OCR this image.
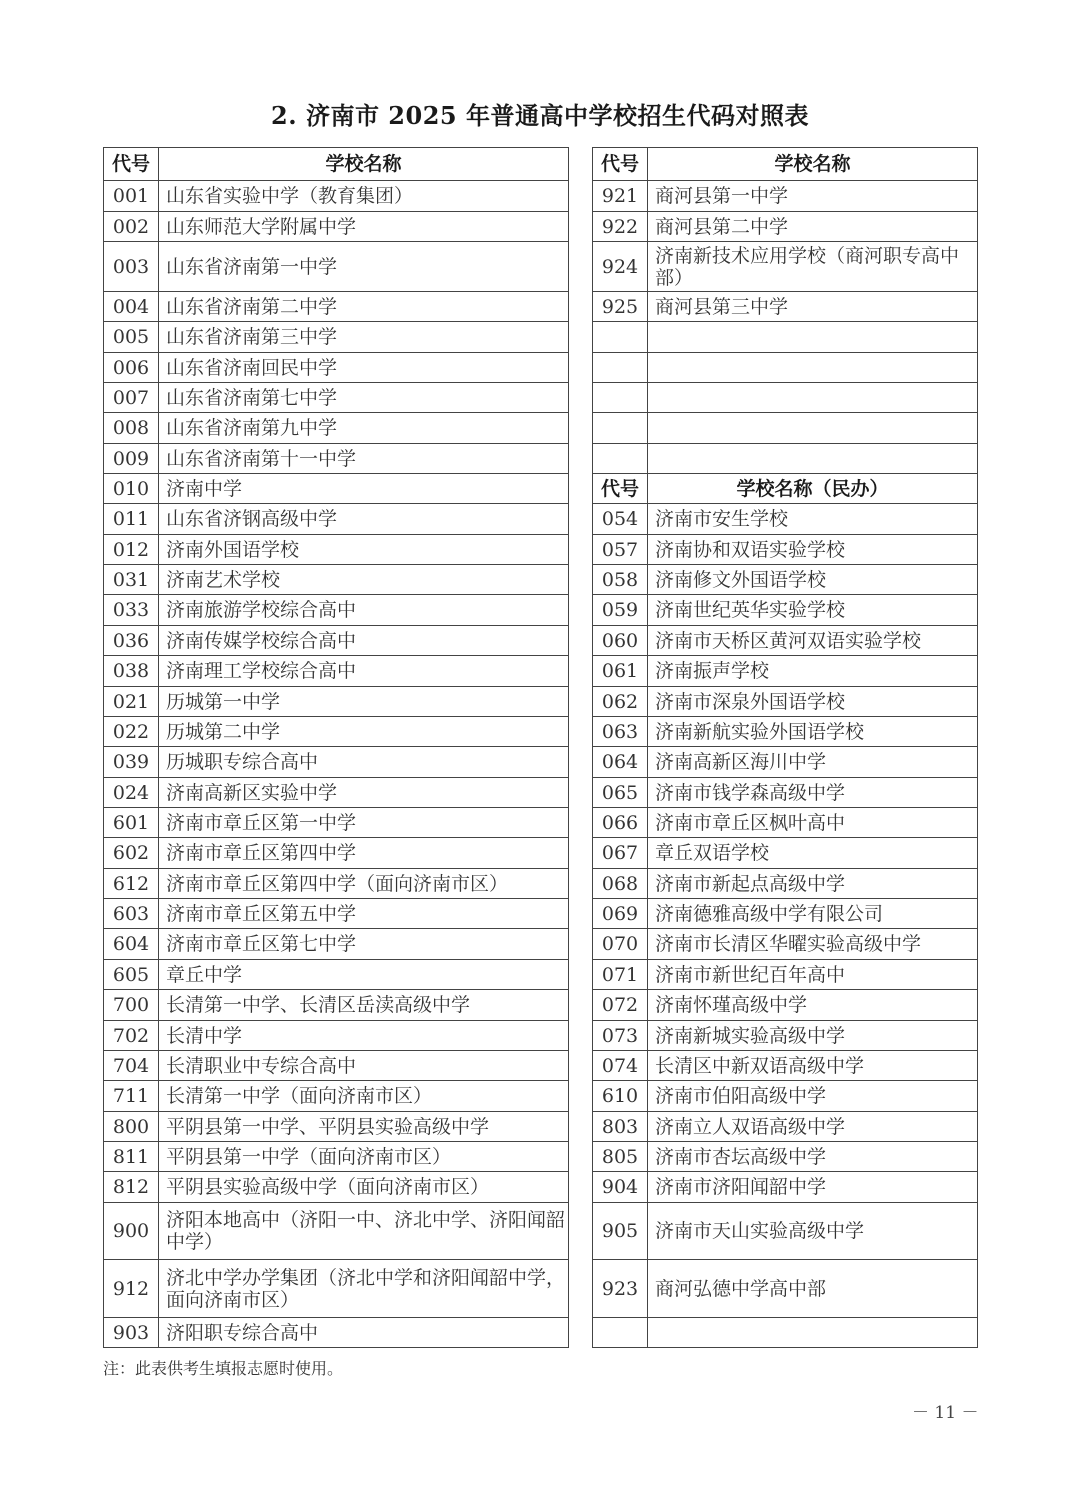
2. 济南市 2025 年普通高中学校招生代码对照表
代号	学校名称
001	山东省实验中学（教育集团）
002	山东师范大学附属中学
003	山东省济南第一中学
004	山东省济南第二中学
005	山东省济南第三中学
006	山东省济南回民中学
007	山东省济南第七中学
008	山东省济南第九中学
009	山东省济南第十一中学
010	济南中学
011	山东省济钢高级中学
012	济南外国语学校
031	济南艺术学校
033	济南旅游学校综合高中
036	济南传媒学校综合高中
038	济南理工学校综合高中
021	历城第一中学
022	历城第二中学
039	历城职专综合高中
024	济南高新区实验中学
601	济南市章丘区第一中学
602	济南市章丘区第四中学
612	济南市章丘区第四中学（面向济南市区）
603	济南市章丘区第五中学
604	济南市章丘区第七中学
605	章丘中学
700	长清第一中学、长清区岳渎高级中学
702	长清中学
704	长清职业中专综合高中
711	长清第一中学（面向济南市区）
800	平阴县第一中学、平阴县实验高级中学
811	平阴县第一中学（面向济南市区）
812	平阴县实验高级中学（面向济南市区）
900	济阳本地高中（济阳一中、济北中学、济阳闻韶中学）
912	济北中学办学集团（济北中学和济阳闻韶中学，面向济南市区）
903	济阳职专综合高中
代号	学校名称
921	商河县第一中学
922	商河县第二中学
924	济南新技术应用学校（商河职专高中部）
925	商河县第三中学

代号	学校名称（民办）
054	济南市安生学校
057	济南协和双语实验学校
058	济南修文外国语学校
059	济南世纪英华实验学校
060	济南市天桥区黄河双语实验学校
061	济南振声学校
062	济南市深泉外国语学校
063	济南新航实验外国语学校
064	济南高新区海川中学
065	济南市钱学森高级中学
066	济南市章丘区枫叶高中
067	章丘双语学校
068	济南市新起点高级中学
069	济南德雅高级中学有限公司
070	济南市长清区华曜实验高级中学
071	济南市新世纪百年高中
072	济南怀瑾高级中学
073	济南新城实验高级中学
074	长清区中新双语高级中学
610	济南市伯阳高级中学
803	济南立人双语高级中学
805	济南市杏坛高级中学
904	济南市济阳闻韶中学
905	济南市天山实验高级中学
923	商河弘德中学高中部

注：此表供考生填报志愿时使用。
－ 11 －
